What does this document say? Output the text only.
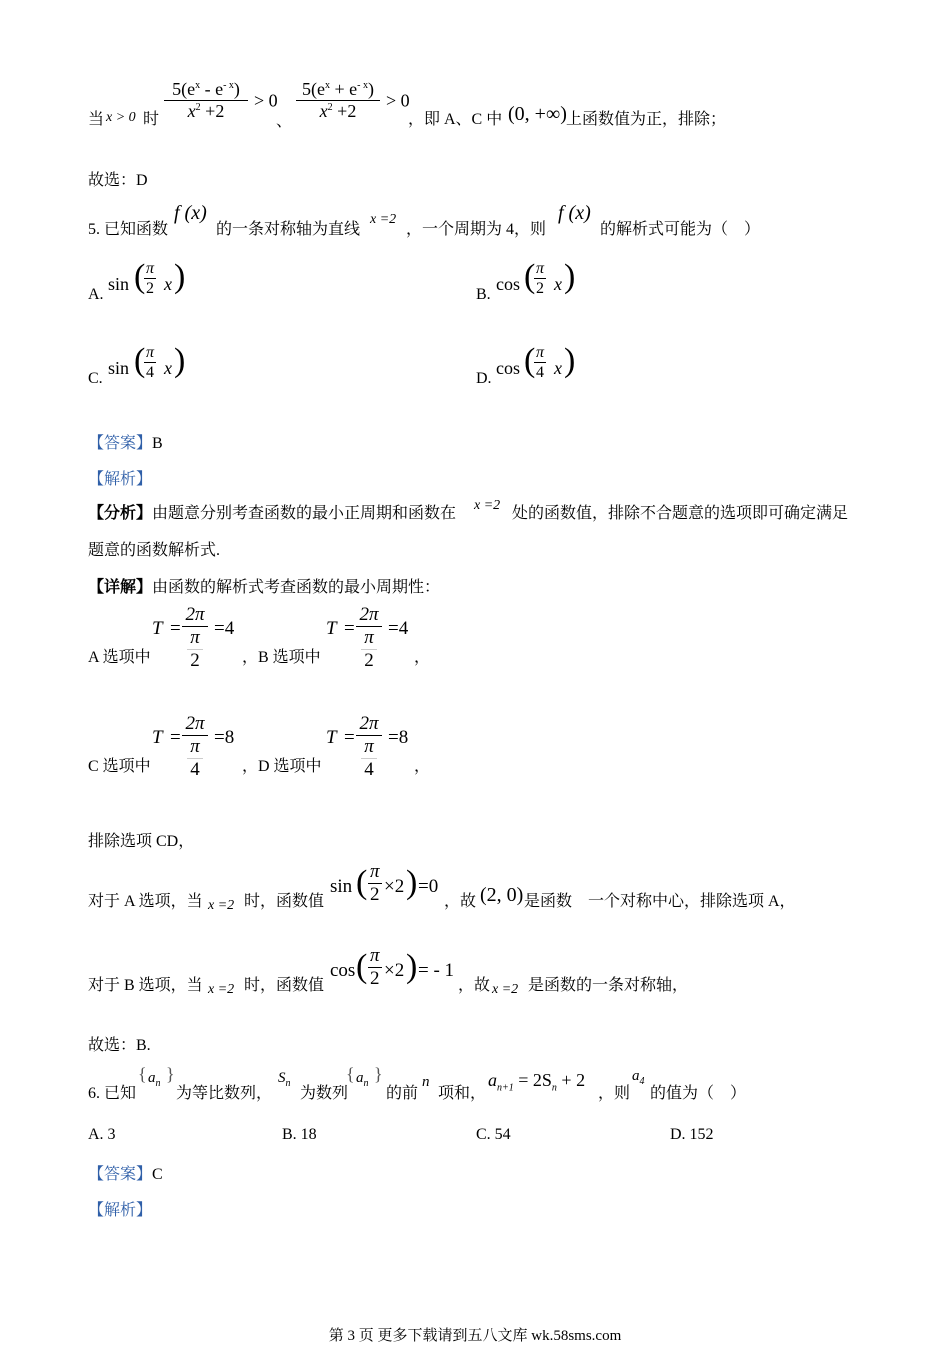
当 x > 0 时 $\frac{5(e^x - e^{- x})}{x^2 +2} > 0$
、 $\frac{5(e^x + e^{- x})}{x^2 +2} > 0$
，即 A、C 中 (0, +∞) 上函数值为正，排除；
故选：D
5. 已知函数
f (x)
的一条对称轴为直线
x =2
，一个周期为 4，则
f (x)
的解析式可能为（　）
A.
sin (
$\frac{\pi}{2}$ x )	B.
cos (
$\frac{\pi}{2}$ x )
C.
sin (
$\frac{\pi}{4}$ x )	D.
cos (
$\frac{\pi}{4}$ x )
【答案】B
【解析】
【分析】由题意分别考查函数的最小正周期和函数在 x =2 处的函数值，排除不合题意的选项即可确定满足
题意的函数解析式.
【详解】由函数的解析式考查函数的最小周期性：
A 选项中
T =
2π
π
2
=4
，B 选项中
T =
2π
π
2
=4
，
C 选项中
T =
2π
π
4
=8
，D 选项中
T =
2π
π
4
=8
，
排除选项 CD，
对于 A 选项，当 x =2 时，函数值
sin ( $\frac{\pi}{2} \times 2$ ) =0
，故 (2, 0) 是函数　一个对称中心，排除选项 A，
对于 B 选项，当 x =2 时，函数值
cos ( $\frac{\pi}{2} \times 2$ ) = - 1
，故 x =2 是函数的一条对称轴，
故选：B.
6. 已知
{ $a_n$ }
为等比数列，
$S_n$
为数列
{ $a_n$ }
的前
n
项和，
$a_{n+1} = 2S_n + 2$
，则
$a_4$
的值为（　）
A. 3	B. 18	C. 54	D. 152
【答案】C
【解析】
第 3 页 更多下载请到五八文库 wk.58sms.com
